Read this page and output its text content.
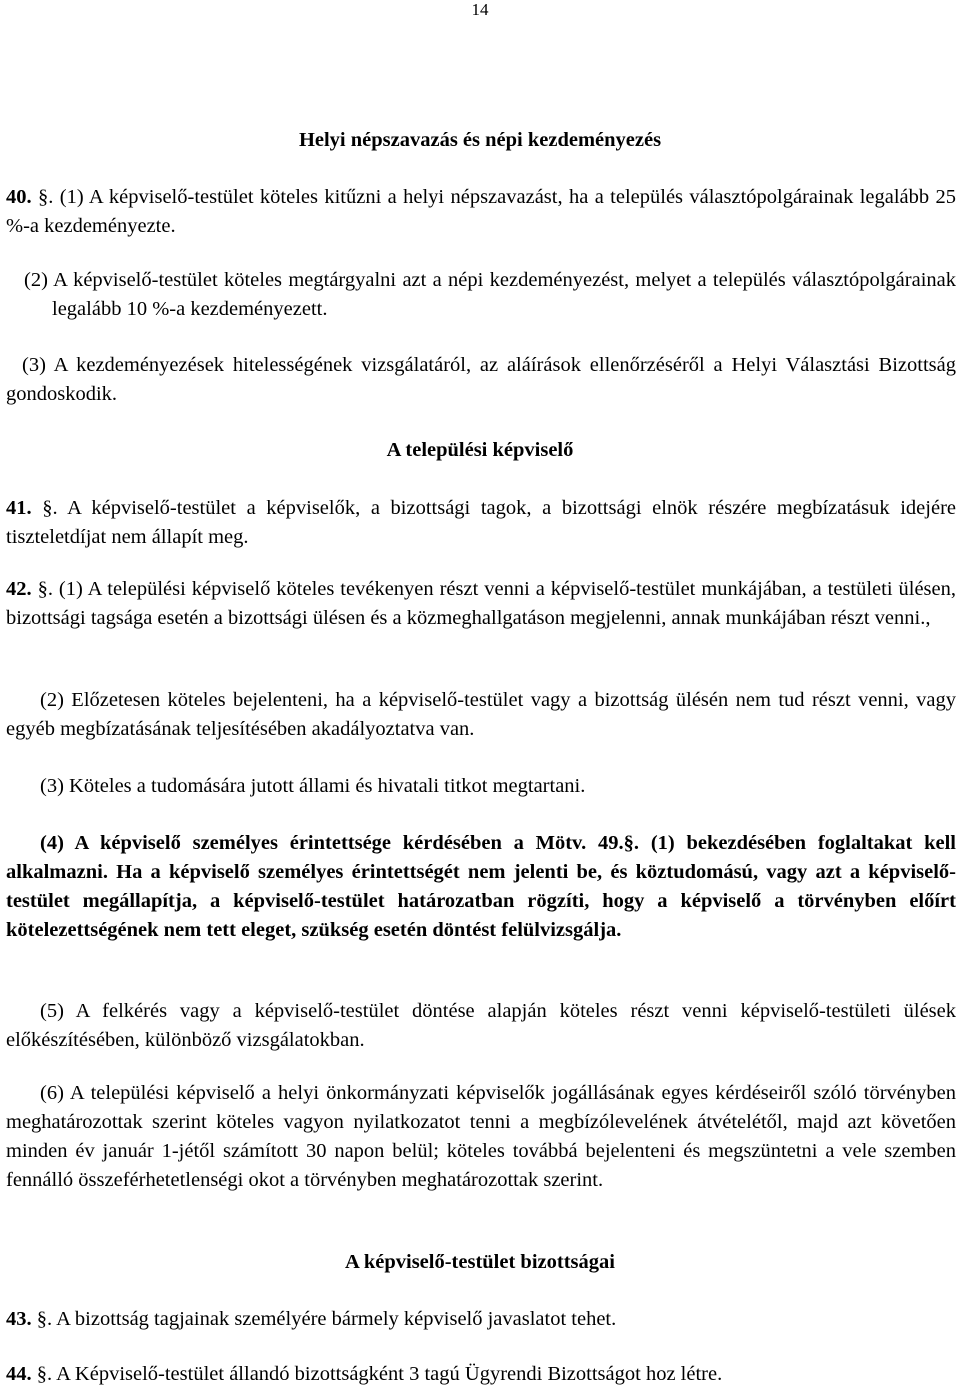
14
Helyi népszavazás és népi kezdeményezés
40. §. (1) A képviselő-testület köteles kitűzni a helyi népszavazást, ha a település választópolgárainak legalább 25 %-a kezdeményezte.
(2) A képviselő-testület köteles megtárgyalni azt a népi kezdeményezést, melyet a település választópolgárainak legalább 10 %-a kezdeményezett.
(3) A kezdeményezések hitelességének vizsgálatáról, az aláírások ellenőrzéséről a Helyi Választási Bizottság gondoskodik.
A települési képviselő
41. §. A képviselő-testület a képviselők, a bizottsági tagok, a bizottsági elnök részére megbízatásuk idejére tiszteletdíjat nem állapít meg.
42. §. (1) A települési képviselő köteles tevékenyen részt venni a képviselő-testület munkájában, a testületi ülésen, bizottsági tagsága esetén a bizottsági ülésen és a közmeghallgatáson megjelenni, annak munkájában részt venni.,
(2) Előzetesen köteles bejelenteni, ha a képviselő-testület vagy a bizottság ülésén nem tud részt venni, vagy egyéb megbízatásának teljesítésében akadályoztatva van.
(3) Köteles a tudomására jutott állami és hivatali titkot megtartani.
(4) A képviselő személyes érintettsége kérdésében a Mötv. 49.§. (1) bekezdésében foglaltakat kell alkalmazni. Ha a képviselő személyes érintettségét nem jelenti be, és köztudomású, vagy azt a képviselő-testület megállapítja, a képviselő-testület határozatban rögzíti, hogy a képviselő a törvényben előírt kötelezettségének nem tett eleget, szükség esetén döntést felülvizsgálja.
(5) A felkérés vagy a képviselő-testület döntése alapján köteles részt venni képviselő-testületi ülések előkészítésében, különböző vizsgálatokban.
(6) A települési képviselő a helyi önkormányzati képviselők jogállásának egyes kérdéseiről szóló törvényben meghatározottak szerint köteles vagyon nyilatkozatot tenni a megbízólevelének átvételétől, majd azt követően minden év január 1-jétől számított 30 napon belül; köteles továbbá bejelenteni és megszüntetni a vele szemben fennálló összeférhetetlenségi okot a törvényben meghatározottak szerint.
A képviselő-testület bizottságai
43. §. A bizottság tagjainak személyére bármely képviselő javaslatot tehet.
44. §. A Képviselő-testület állandó bizottságként 3 tagú Ügyrendi Bizottságot hoz létre.
